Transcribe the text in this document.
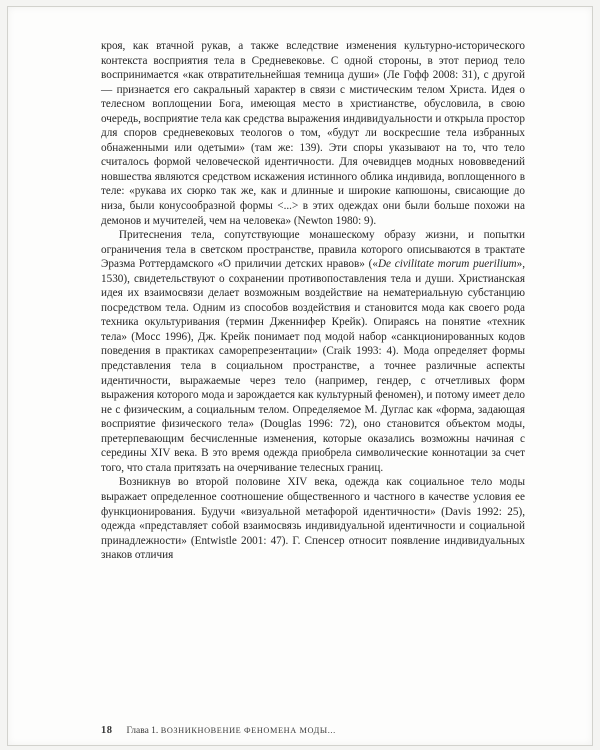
кроя, как втачной рукав, а также вследствие изменения культурно-исторического контекста восприятия тела в Средневековье. С одной стороны, в этот период тело воспринимается «как отвратительнейшая темница души» (Ле Гофф 2008: 31), с другой — признается его сакральный характер в связи с мистическим телом Христа. Идея о телесном воплощении Бога, имеющая место в христианстве, обусловила, в свою очередь, восприятие тела как средства выражения индивидуальности и открыла простор для споров средневековых теологов о том, «будут ли воскресшие тела избранных обнаженными или одетыми» (там же: 139). Эти споры указывают на то, что тело считалось формой человеческой идентичности. Для очевидцев модных нововведений новшества являются средством искажения истинного облика индивида, воплощенного в теле: «рукава их сюрко так же, как и длинные и широкие капюшоны, свисающие до низа, были конусообразной формы <...> в этих одеждах они были больше похожи на демонов и мучителей, чем на человека» (Newton 1980: 9).

Притеснения тела, сопутствующие монашескому образу жизни, и попытки ограничения тела в светском пространстве, правила которого описываются в трактате Эразма Роттердамского «О приличии детских нравов» («De civilitate morum puerilium», 1530), свидетельствуют о сохранении противопоставления тела и души. Христианская идея их взаимосвязи делает возможным воздействие на нематериальную субстанцию посредством тела. Одним из способов воздействия и становится мода как своего рода техника окультуривания (термин Дженнифер Крейк). Опираясь на понятие «техник тела» (Мосс 1996), Дж. Крейк понимает под модой набор «санкционированных кодов поведения в практиках саморепрезентации» (Craik 1993: 4). Мода определяет формы представления тела в социальном пространстве, а точнее различные аспекты идентичности, выражаемые через тело (например, гендер, с отчетливых форм выражения которого мода и зарождается как культурный феномен), и потому имеет дело не с физическим, а социальным телом. Определяемое М. Дуглас как «форма, задающая восприятие физического тела» (Douglas 1996: 72), оно становится объектом моды, претерпевающим бесчисленные изменения, которые оказались возможны начиная с середины XIV века. В это время одежда приобрела символические коннотации за счет того, что стала притязать на очерчивание телесных границ.

Возникнув во второй половине XIV века, одежда как социальное тело моды выражает определенное соотношение общественного и частного в качестве условия ее функционирования. Будучи «визуальной метафорой идентичности» (Davis 1992: 25), одежда «представляет собой взаимосвязь индивидуальной идентичности и социальной принадлежности» (Entwistle 2001: 47). Г. Спенсер относит появление индивидуальных знаков отличия

18 Глава 1. ВОЗНИКНОВЕНИЕ ФЕНОМЕНА МОДЫ...
